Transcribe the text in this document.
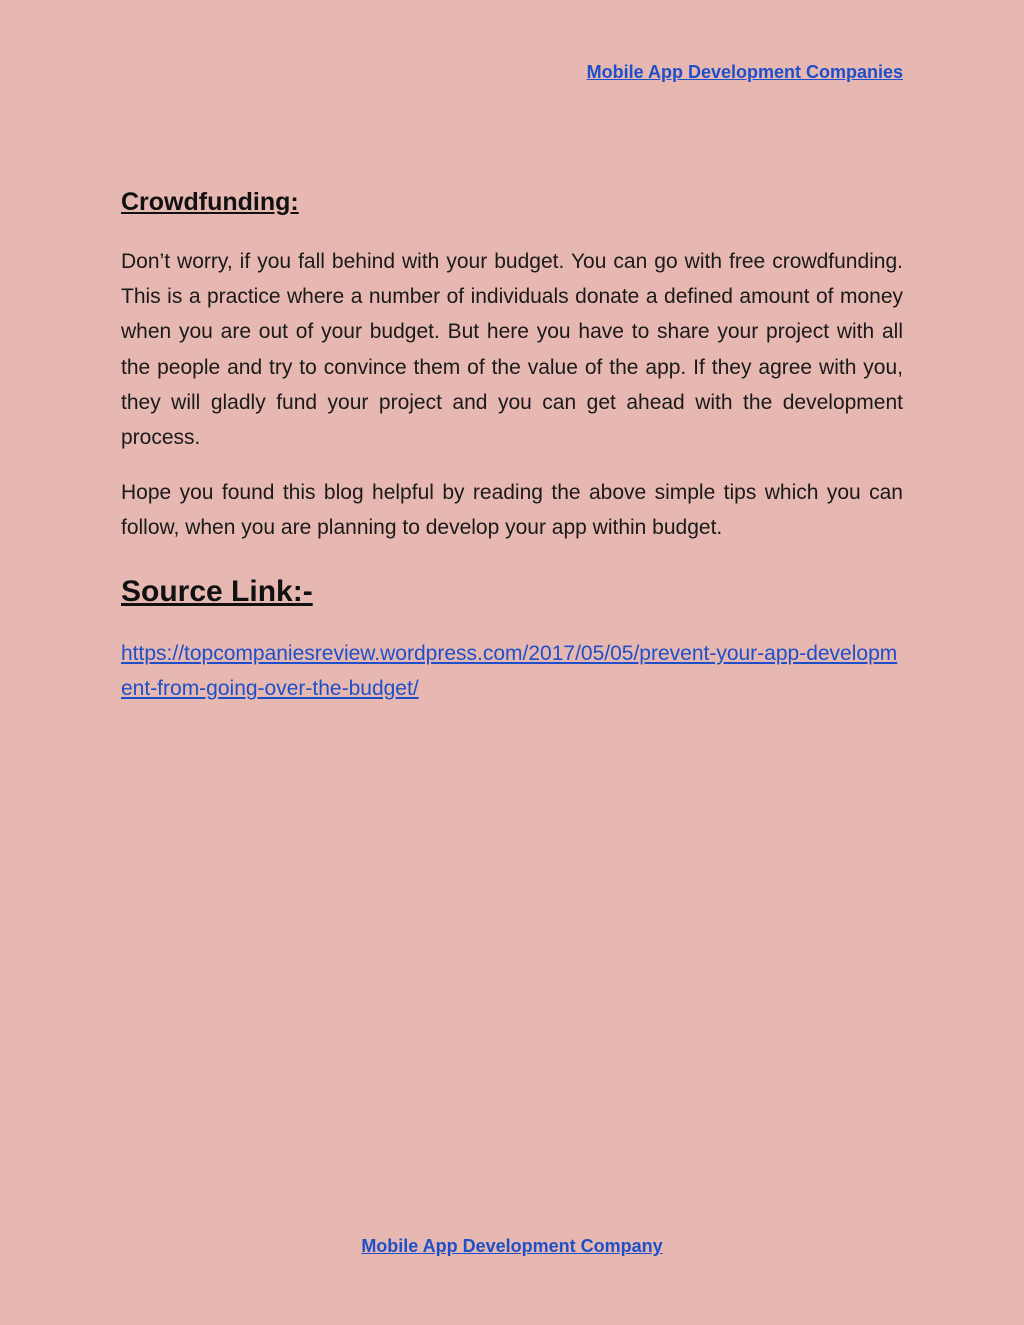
Mobile App Development Companies
Crowdfunding:

Don’t worry, if you fall behind with your budget. You can go with free crowdfunding. This is a practice where a number of individuals donate a defined amount of money when you are out of your budget. But here you have to share your project with all the people and try to convince them of the value of the app. If they agree with you, they will gladly fund your project and you can get ahead with the development process.

Hope you found this blog helpful by reading the above simple tips which you can follow, when you are planning to develop your app within budget.

Source Link:-
https://topcompaniesreview.wordpress.com/2017/05/05/prevent-your-app-development-from-going-over-the-budget/
Mobile App Development Company
